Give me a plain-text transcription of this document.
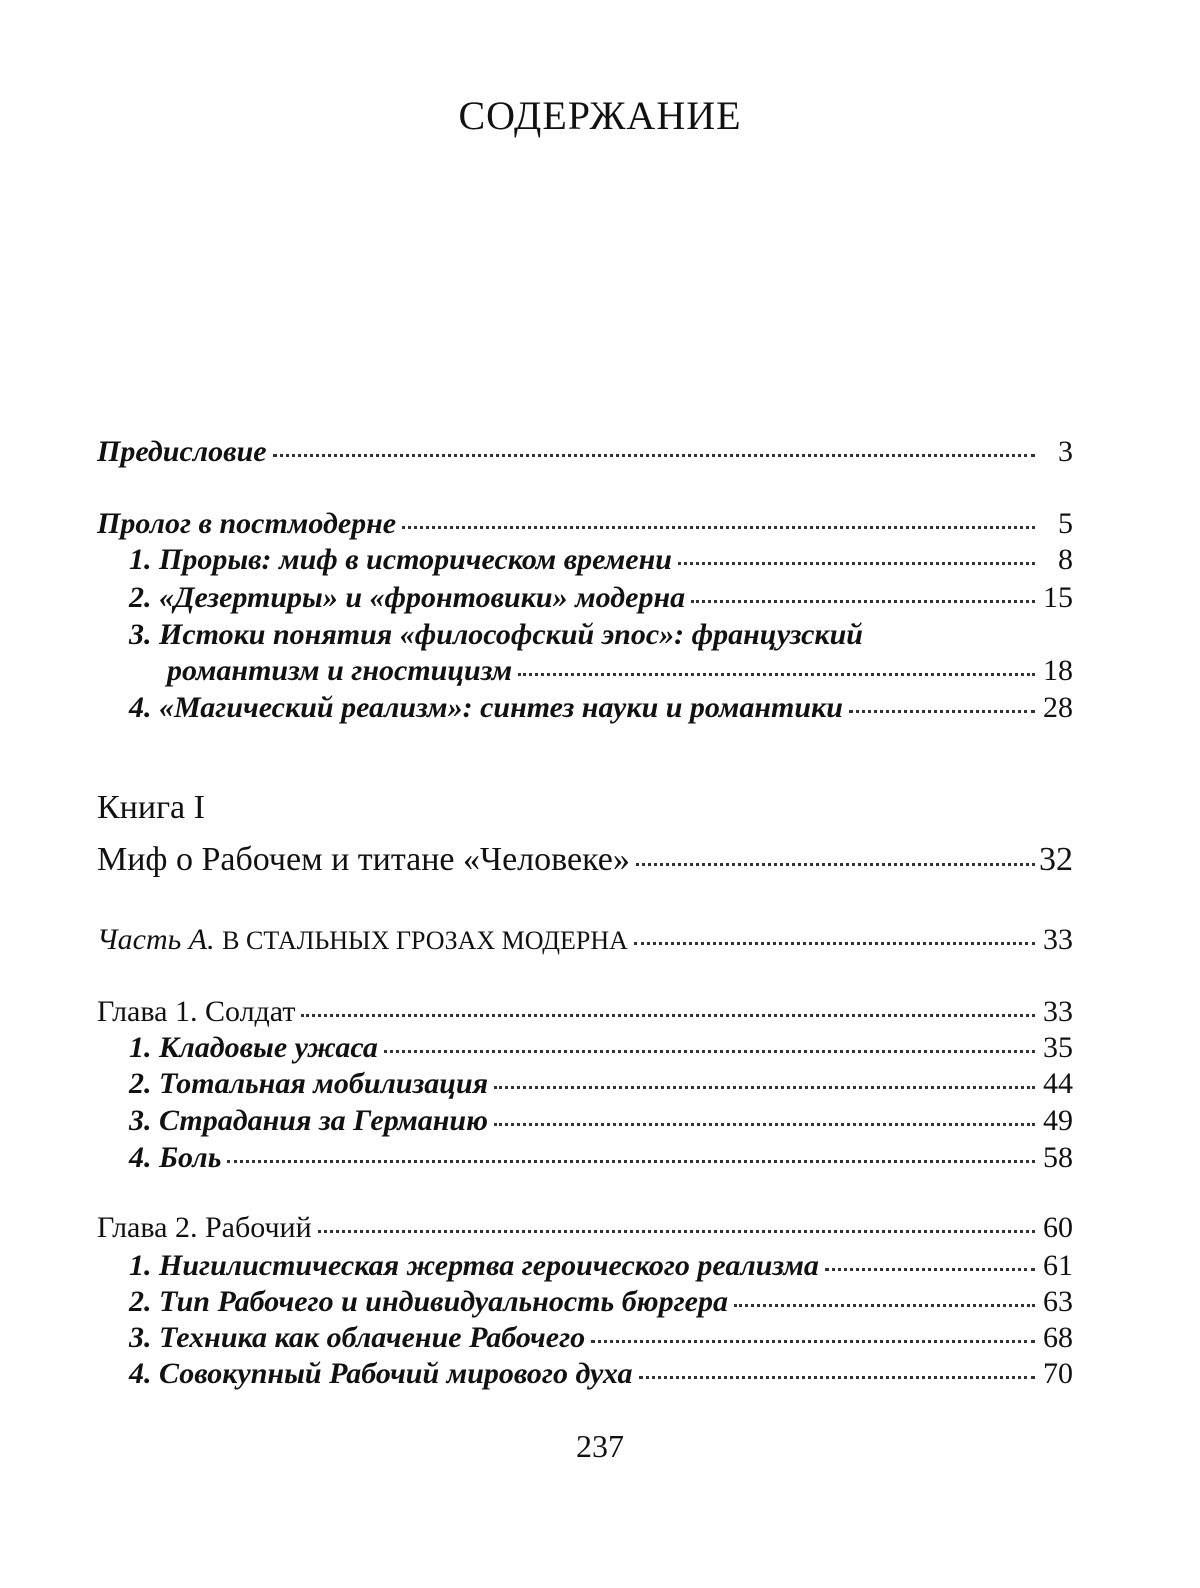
СОДЕРЖАНИЕ
Предисловие	3
Пролог в постмодерне	5
1. Прорыв: миф в историческом времени	8
2. «Дезертиры» и «фронтовики» модерна	15
3. Истоки понятия «философский эпос»: французский
романтизм и гностицизм	18
4. «Магический реализм»: синтез науки и романтики	28
Книга I
Миф о Рабочем и титане «Человеке»	32
Часть А. В СТАЛЬНЫХ ГРОЗАХ МОДЕРНА	33
Глава 1. Солдат	33
1. Кладовые ужаса	35
2. Тотальная мобилизация	44
3. Страдания за Германию	49
4. Боль	58
Глава 2. Рабочий	60
1. Нигилистическая жертва героического реализма	61
2. Тип Рабочего и индивидуальность бюргера	63
3. Техника как облачение Рабочего	68
4. Совокупный Рабочий мирового духа	70
237
